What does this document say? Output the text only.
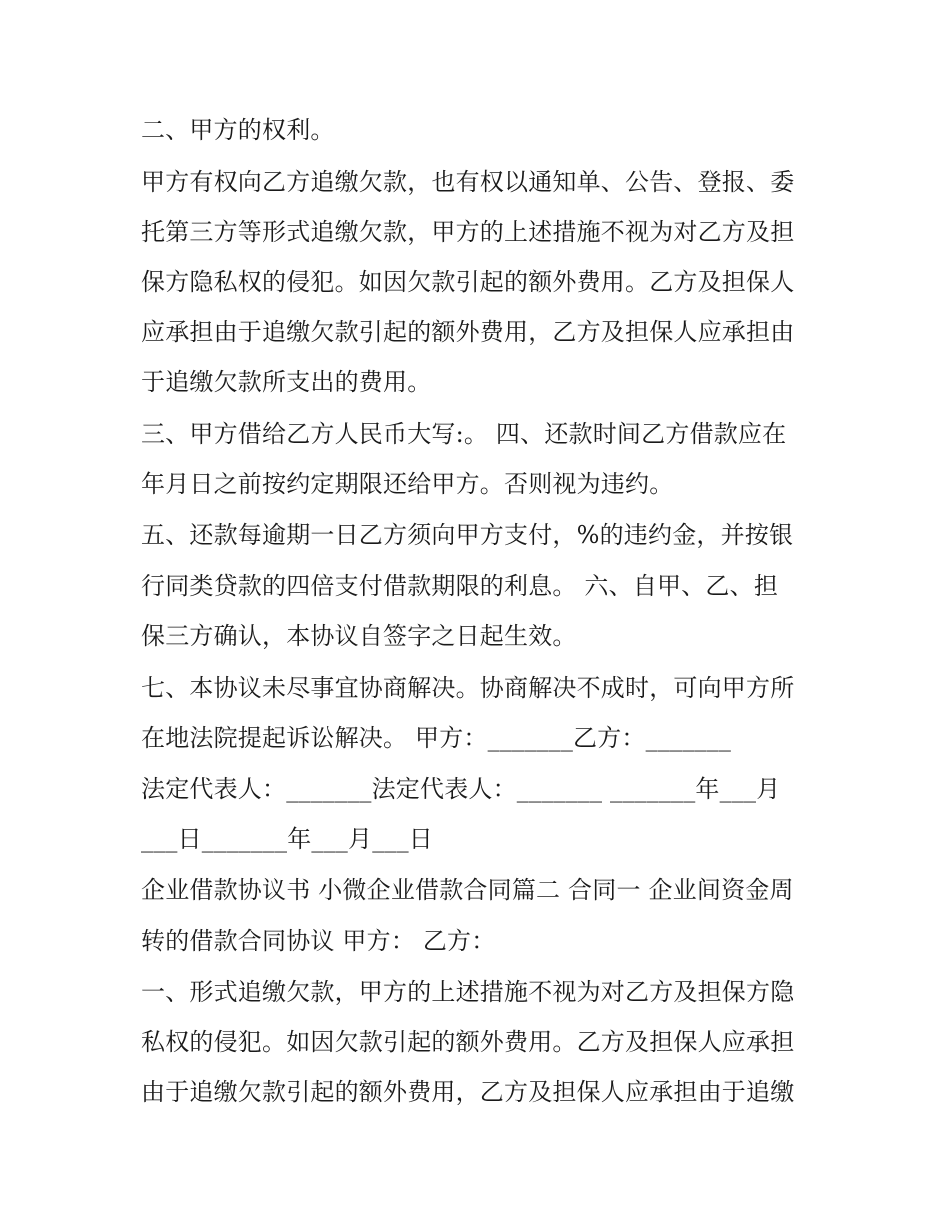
二、甲方的权利。
甲方有权向乙方追缴欠款，也有权以通知单、公告、登报、委
托第三方等形式追缴欠款，甲方的上述措施不视为对乙方及担
保方隐私权的侵犯。如因欠款引起的额外费用。乙方及担保人
应承担由于追缴欠款引起的额外费用，乙方及担保人应承担由
于追缴欠款所支出的费用。
三、甲方借给乙方人民币大写:。 四、还款时间乙方借款应在
年月日之前按约定期限还给甲方。否则视为违约。
五、还款每逾期一日乙方须向甲方支付，%的违约金，并按银
行同类贷款的四倍支付借款期限的利息。 六、自甲、乙、担
保三方确认，本协议自签字之日起生效。
七、本协议未尽事宜协商解决。协商解决不成时，可向甲方所
在地法院提起诉讼解决。 甲方：_______乙方：_______
法定代表人：_______法定代表人：_______ _______年___月
___日_______年___月___日
企业借款协议书 小微企业借款合同篇二 合同一 企业间资金周
转的借款合同协议 甲方： 乙方：
一、形式追缴欠款，甲方的上述措施不视为对乙方及担保方隐
私权的侵犯。如因欠款引起的额外费用。乙方及担保人应承担
由于追缴欠款引起的额外费用，乙方及担保人应承担由于追缴
